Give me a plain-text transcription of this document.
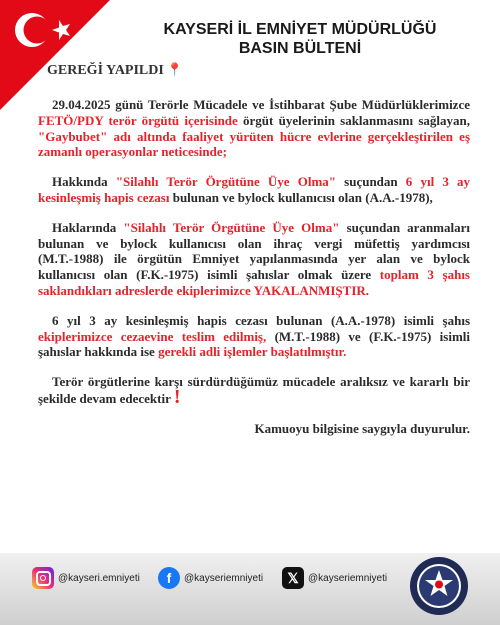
KAYSERİ İL EMNİYET MÜDÜRLÜĞÜ
BASIN BÜLTENİ
GEREĞİ YAPILDI 📍

29.04.2025 günü Terörle Mücadele ve İstihbarat Şube Müdürlüklerimizce FETÖ/PDY terör örgütü içerisinde örgüt üyelerinin saklanmasını sağlayan, "Gaybubet" adı altında faaliyet yürüten hücre evlerine gerçekleştirilen eş zamanlı operasyonlar neticesinde;

Hakkında "Silahlı Terör Örgütüne Üye Olma" suçundan 6 yıl 3 ay kesinleşmiş hapis cezası bulunan ve bylock kullanıcısı olan (A.A.-1978),

Haklarında "Silahlı Terör Örgütüne Üye Olma" suçundan aranmaları bulunan ve bylock kullanıcısı olan ihraç vergi müfettiş yardımcısı (M.T.-1988) ile örgütün Emniyet yapılanmasında yer alan ve bylock kullanıcısı olan (F.K.-1975) isimli şahıslar olmak üzere toplam 3 şahıs saklandıkları adreslerde ekiplerimizce YAKALANMIŞTIR.

6 yıl 3 ay kesinleşmiş hapis cezası bulunan (A.A.-1978) isimli şahıs ekiplerimizce cezaevine teslim edilmiş, (M.T.-1988) ve (F.K.-1975) isimli şahıslar hakkında ise gerekli adli işlemler başlatılmıştır.

Terör örgütlerine karşı sürdürdüğümüz mücadele aralıksız ve kararlı bir şekilde devam edecektir !

Kamuoyu bilgisine saygıyla duyurulur.

@kayseri.emniyeti	f	@kayseriemniyeti	𝕏 @kayseriemniyeti
